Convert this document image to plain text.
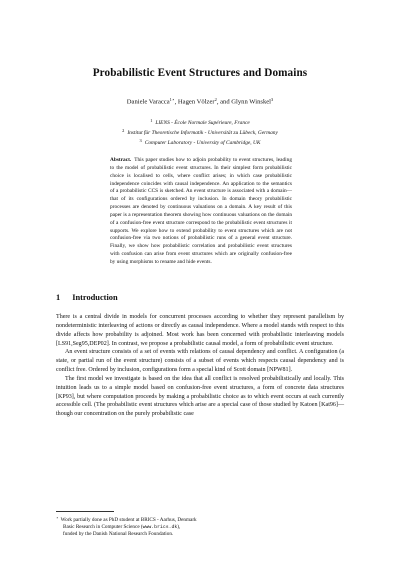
Probabilistic Event Structures and Domains
Daniele Varacca$^{1⋆}$, Hagen Völzer$^2$, and Glynn Winskel$^3$
$^1$ LIENS - École Normale Supérieure, France
$^2$ Institut für Theoretische Informatik - Universität zu Lübeck, Germany
$^3$ Computer Laboratory - University of Cambridge, UK
Abstract. This paper studies how to adjoin probability to event structures, leading to the model of probabilistic event structures. In their simplest form probabilistic choice is localised to cells, where conflict arises; in which case probabilistic independence coincides with causal independence. An application to the semantics of a probabilistic CCS is sketched. An event structure is associated with a domain—that of its configurations ordered by inclusion. In domain theory probabilistic processes are denoted by continuous valuations on a domain. A key result of this paper is a representation theorem showing how continuous valuations on the domain of a confusion-free event structure correspond to the probabilistic event structures it supports. We explore how to extend probability to event structures which are not confusion-free via two notions of probabilistic runs of a general event structure. Finally, we show how probabilistic correlation and probabilistic event structures with confusion can arise from event structures which are originally confusion-free by using morphisms to rename and hide events.
1 Introduction

There is a central divide in models for concurrent processes according to whether they represent parallelism by nondeterministic interleaving of actions or directly as causal independence. Where a model stands with respect to this divide affects how probability is adjoined. Most work has been concerned with probabilistic interleaving models [LS91,Seg95,DEP02]. In contrast, we propose a probabilistic causal model, a form of probabilistic event structure.

An event structure consists of a set of events with relations of causal dependency and conflict. A configuration (a state, or partial run of the event structure) consists of a subset of events which respects causal dependency and is conflict free. Ordered by inclusion, configurations form a special kind of Scott domain [NPW81].

The first model we investigate is based on the idea that all conflict is resolved probabilistically and locally. This intuition leads us to a simple model based on confusion-free event structures, a form of concrete data structures [KP93], but where computation proceeds by making a probabilistic choice as to which event occurs at each currently accessible cell. (The probabilistic event structures which arise are a special case of those studied by Katoen [Kat96]—though our concentration on the purely probabilistic case

⋆ Work partially done as PhD student at BRICS - Aarhus, Denmark
Basic Research in Computer Science (www.brics.dk),
funded by the Danish National Research Foundation.
